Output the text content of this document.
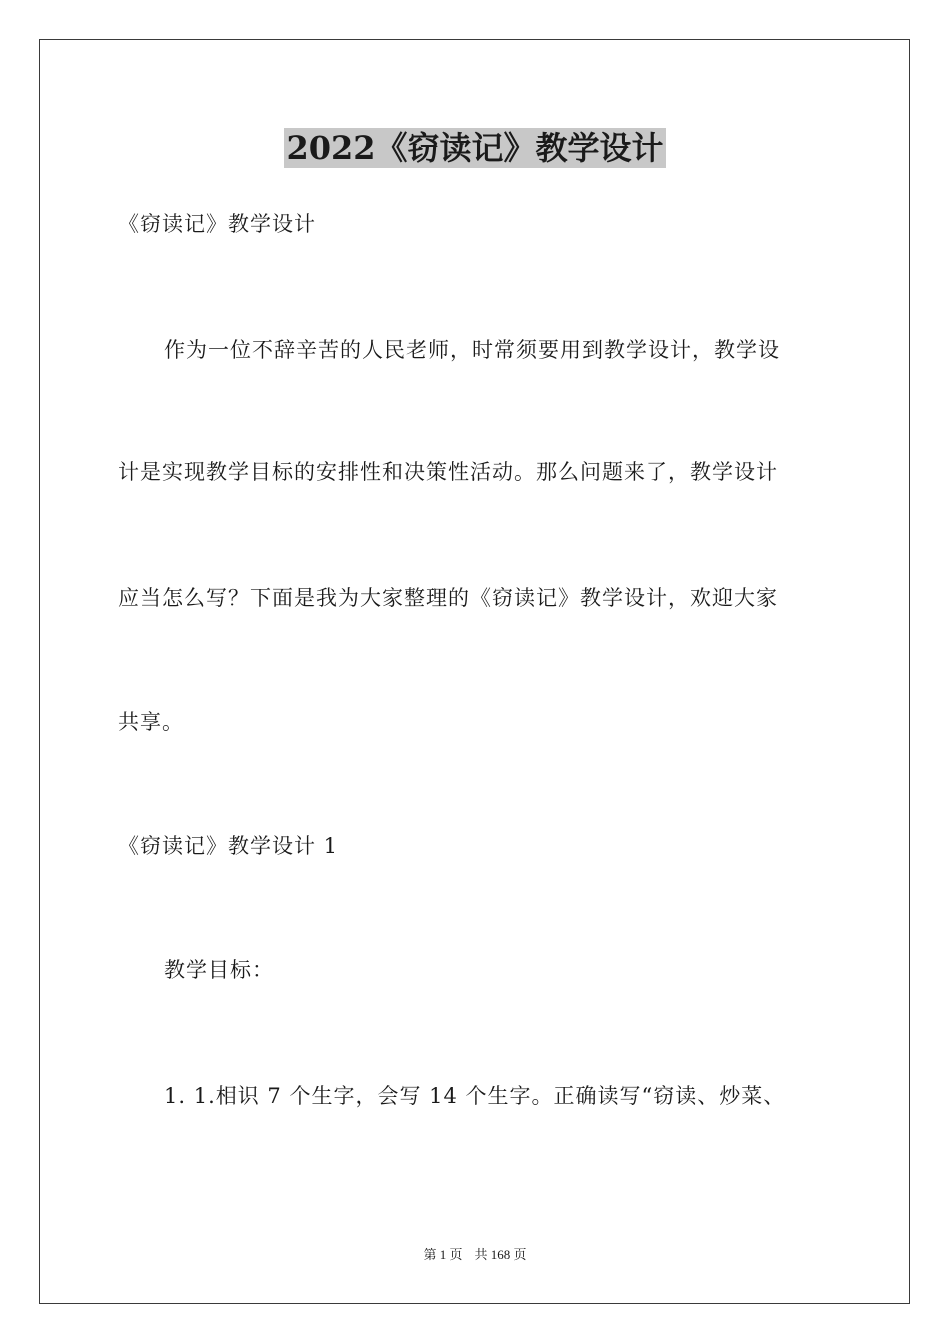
2022《窃读记》教学设计
《窃读记》教学设计
作为一位不辞辛苦的人民老师，时常须要用到教学设计，教学设
计是实现教学目标的安排性和决策性活动。那么问题来了，教学设计
应当怎么写？下面是我为大家整理的《窃读记》教学设计，欢迎大家
共享。
《窃读记》教学设计 1
教学目标：
1. 1.相识 7 个生字，会写 14 个生字。正确读写“窃读、炒菜、
第 1 页 共 168 页
